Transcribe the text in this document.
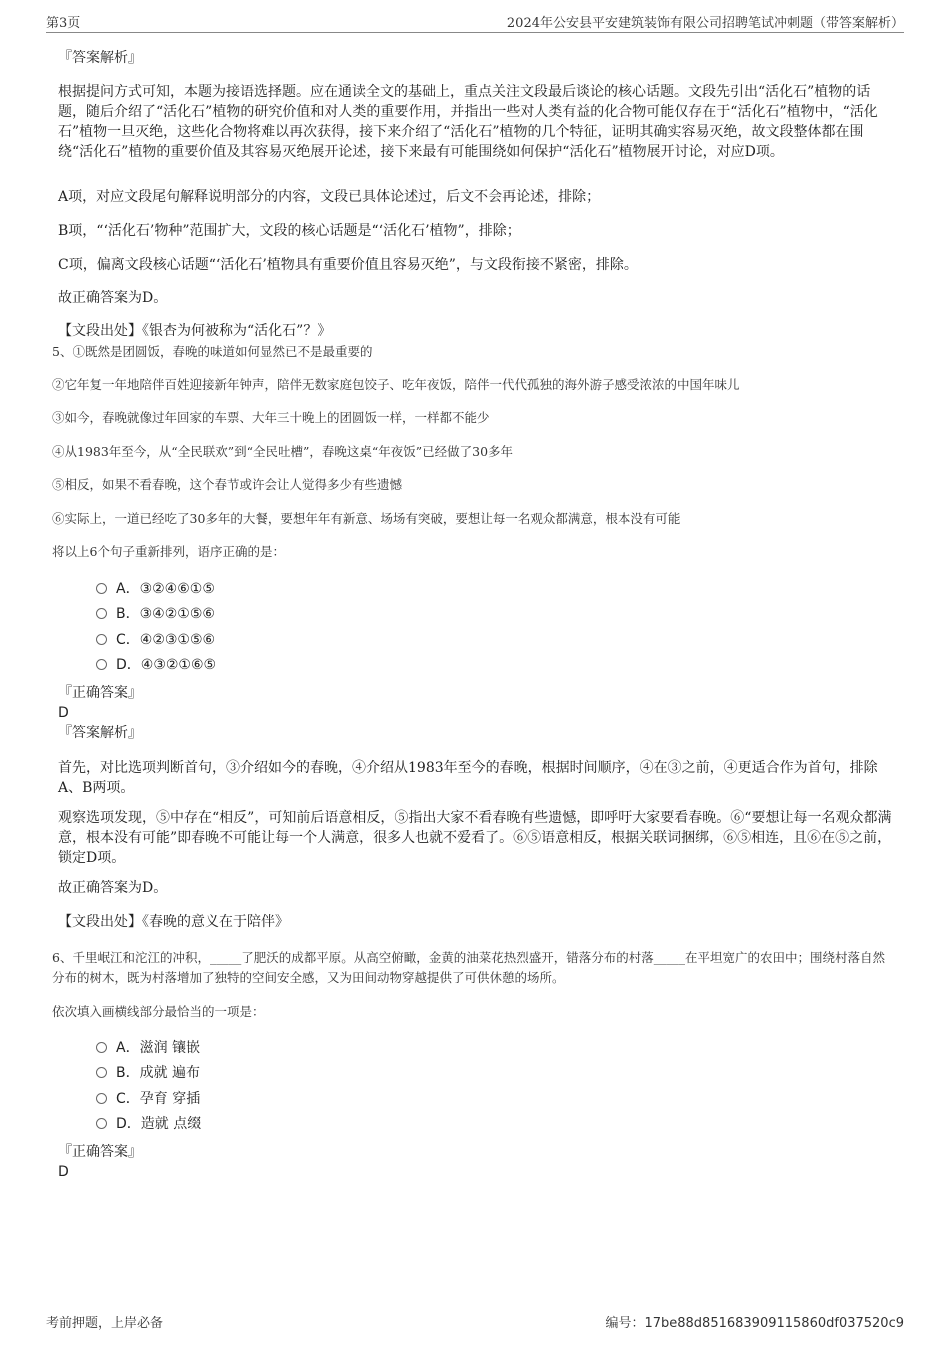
第3页	2024年公安县平安建筑装饰有限公司招聘笔试冲刺题（带答案解析）
『答案解析』

根据提问方式可知，本题为接语选择题。应在通读全文的基础上，重点关注文段最后谈论的核心话题。文段先引出“活化石”植物的话题，随后介绍了“活化石”植物的研究价值和对人类的重要作用，并指出一些对人类有益的化合物可能仅存在于“活化石”植物中，“活化石”植物一旦灭绝，这些化合物将难以再次获得，接下来介绍了“活化石”植物的几个特征，证明其确实容易灭绝，故文段整体都在围绕“活化石”植物的重要价值及其容易灭绝展开论述，接下来最有可能围绕如何保护“活化石”植物展开讨论，对应D项。

A项，对应文段尾句解释说明部分的内容，文段已具体论述过，后文不会再论述，排除；

B项，“‘活化石’物种”范围扩大，文段的核心话题是“‘活化石’植物”，排除；

C项，偏离文段核心话题“‘活化石’植物具有重要价值且容易灭绝”，与文段衔接不紧密，排除。

故正确答案为D。

【文段出处】《银杏为何被称为“活化石”？》

5、①既然是团圆饭，春晚的味道如何显然已不是最重要的

②它年复一年地陪伴百姓迎接新年钟声，陪伴无数家庭包饺子、吃年夜饭，陪伴一代代孤独的海外游子感受浓浓的中国年味儿

③如今，春晚就像过年回家的车票、大年三十晚上的团圆饭一样，一样都不能少

④从1983年至今，从“全民联欢”到“全民吐槽”，春晚这桌“年夜饭”已经做了30多年

⑤相反，如果不看春晚，这个春节或许会让人觉得多少有些遗憾

⑥实际上，一道已经吃了30多年的大餐，要想年年有新意、场场有突破，要想让每一名观众都满意，根本没有可能

将以上6个句子重新排列，语序正确的是：

A．③②④⑥①⑤
B．③④②①⑤⑥
C．④②③①⑤⑥
D．④③②①⑥⑤
『正确答案』
D
『答案解析』

首先，对比选项判断首句，③介绍如今的春晚，④介绍从1983年至今的春晚，根据时间顺序，④在③之前，④更适合作为首句，排除A、B两项。

观察选项发现，⑤中存在“相反”，可知前后语意相反，⑤指出大家不看春晚有些遗憾，即呼吁大家要看春晚。⑥“要想让每一名观众都满意，根本没有可能”即春晚不可能让每一个人满意，很多人也就不爱看了。⑥⑤语意相反，根据关联词捆绑，⑥⑤相连，且⑥在⑤之前，锁定D项。

故正确答案为D。

【文段出处】《春晚的意义在于陪伴》

6、千里岷江和沱江的冲积，_____了肥沃的成都平原。从高空俯瞰，金黄的油菜花热烈盛开，错落分布的村落_____在平坦宽广的农田中；围绕村落自然分布的树木，既为村落增加了独特的空间安全感，又为田间动物穿越提供了可供休憩的场所。

依次填入画横线部分最恰当的一项是：

A．滋润 镶嵌
B．成就 遍布
C．孕育 穿插
D．造就 点缀
『正确答案』
D
考前押题，上岸必备	编号：17be88d851683909115860df037520c9
